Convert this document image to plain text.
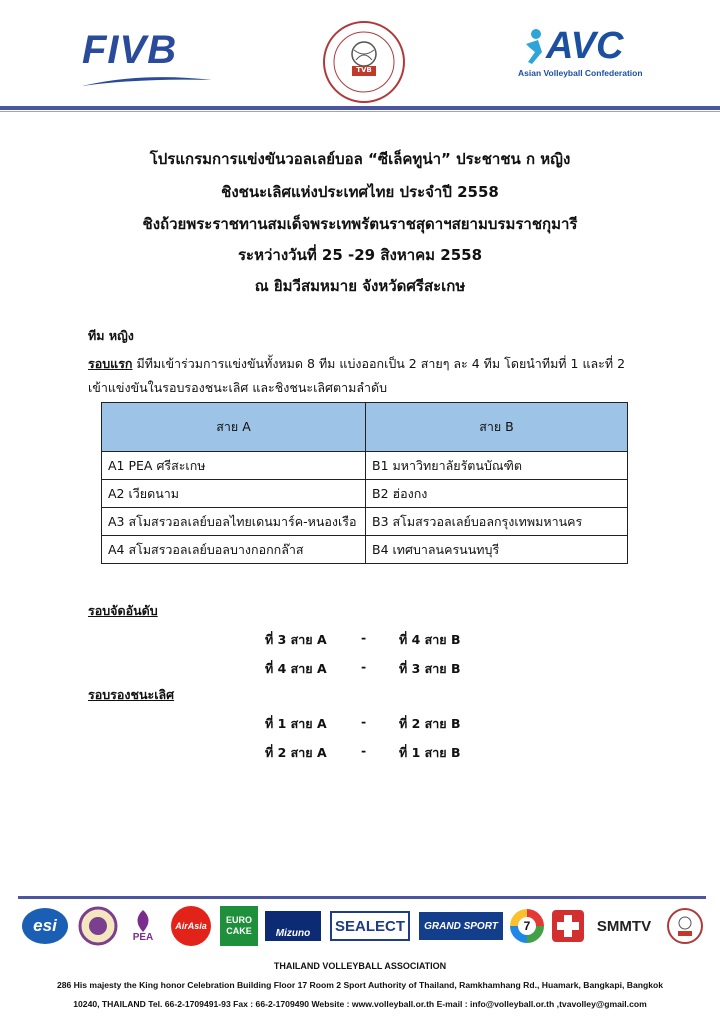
FIVB	TVB
AVC
Asian Volleyball Confederation
โปรแกรมการแข่งขันวอลเลย์บอล “ซีเล็คทูน่า” ประชาชน ก หญิง
ชิงชนะเลิศแห่งประเทศไทย ประจำปี 2558
ชิงถ้วยพระราชทานสมเด็จพระเทพรัตนราชสุดาฯสยามบรมราชกุมารี
ระหว่างวันที่ 25 -29 สิงหาคม 2558
ณ ยิมวีสมหมาย จังหวัดศรีสะเกษ
ทีม หญิง
รอบแรก มีทีมเข้าร่วมการแข่งขันทั้งหมด 8 ทีม แบ่งออกเป็น 2 สายๆ ละ 4 ทีม โดยนำทีมที่ 1 และที่ 2
เข้าแข่งขันในรอบรองชนะเลิศ และชิงชนะเลิศตามลำดับ
สาย A	สาย B
A1 PEA ศรีสะเกษ	B1 มหาวิทยาลัยรัตนบัณฑิต
A2 เวียดนาม	B2 ฮ่องกง
A3 สโมสรวอลเลย์บอลไทยเดนมาร์ค-หนองเรือ	B3 สโมสรวอลเลย์บอลกรุงเทพมหานคร
A4 สโมสรวอลเลย์บอลบางกอกกล๊าส	B4 เทศบาลนครนนทบุรี
รอบจัดอันดับ
ที่ 3 สาย A	-	ที่ 4 สาย B
ที่ 4 สาย A	-	ที่ 3 สาย B
รอบรองชนะเลิศ
ที่ 1 สาย A	-	ที่ 2 สาย B
ที่ 2 สาย A	-	ที่ 1 สาย B
esi
PEA
AirAsia
EURO CAKE	Mizuno	SEALECT	GRAND SPORT	7	SMMTV
THAILAND VOLLEYBALL ASSOCIATION
286 His majesty the King honor Celebration Building Floor 17 Room 2 Sport Authority of Thailand, Ramkhamhang Rd., Huamark, Bangkapi, Bangkok
10240, THAILAND Tel. 66-2-1709491-93 Fax : 66-2-1709490 Website : www.volleyball.or.th E-mail : info@volleyball.or.th ,tvavolley@gmail.com
